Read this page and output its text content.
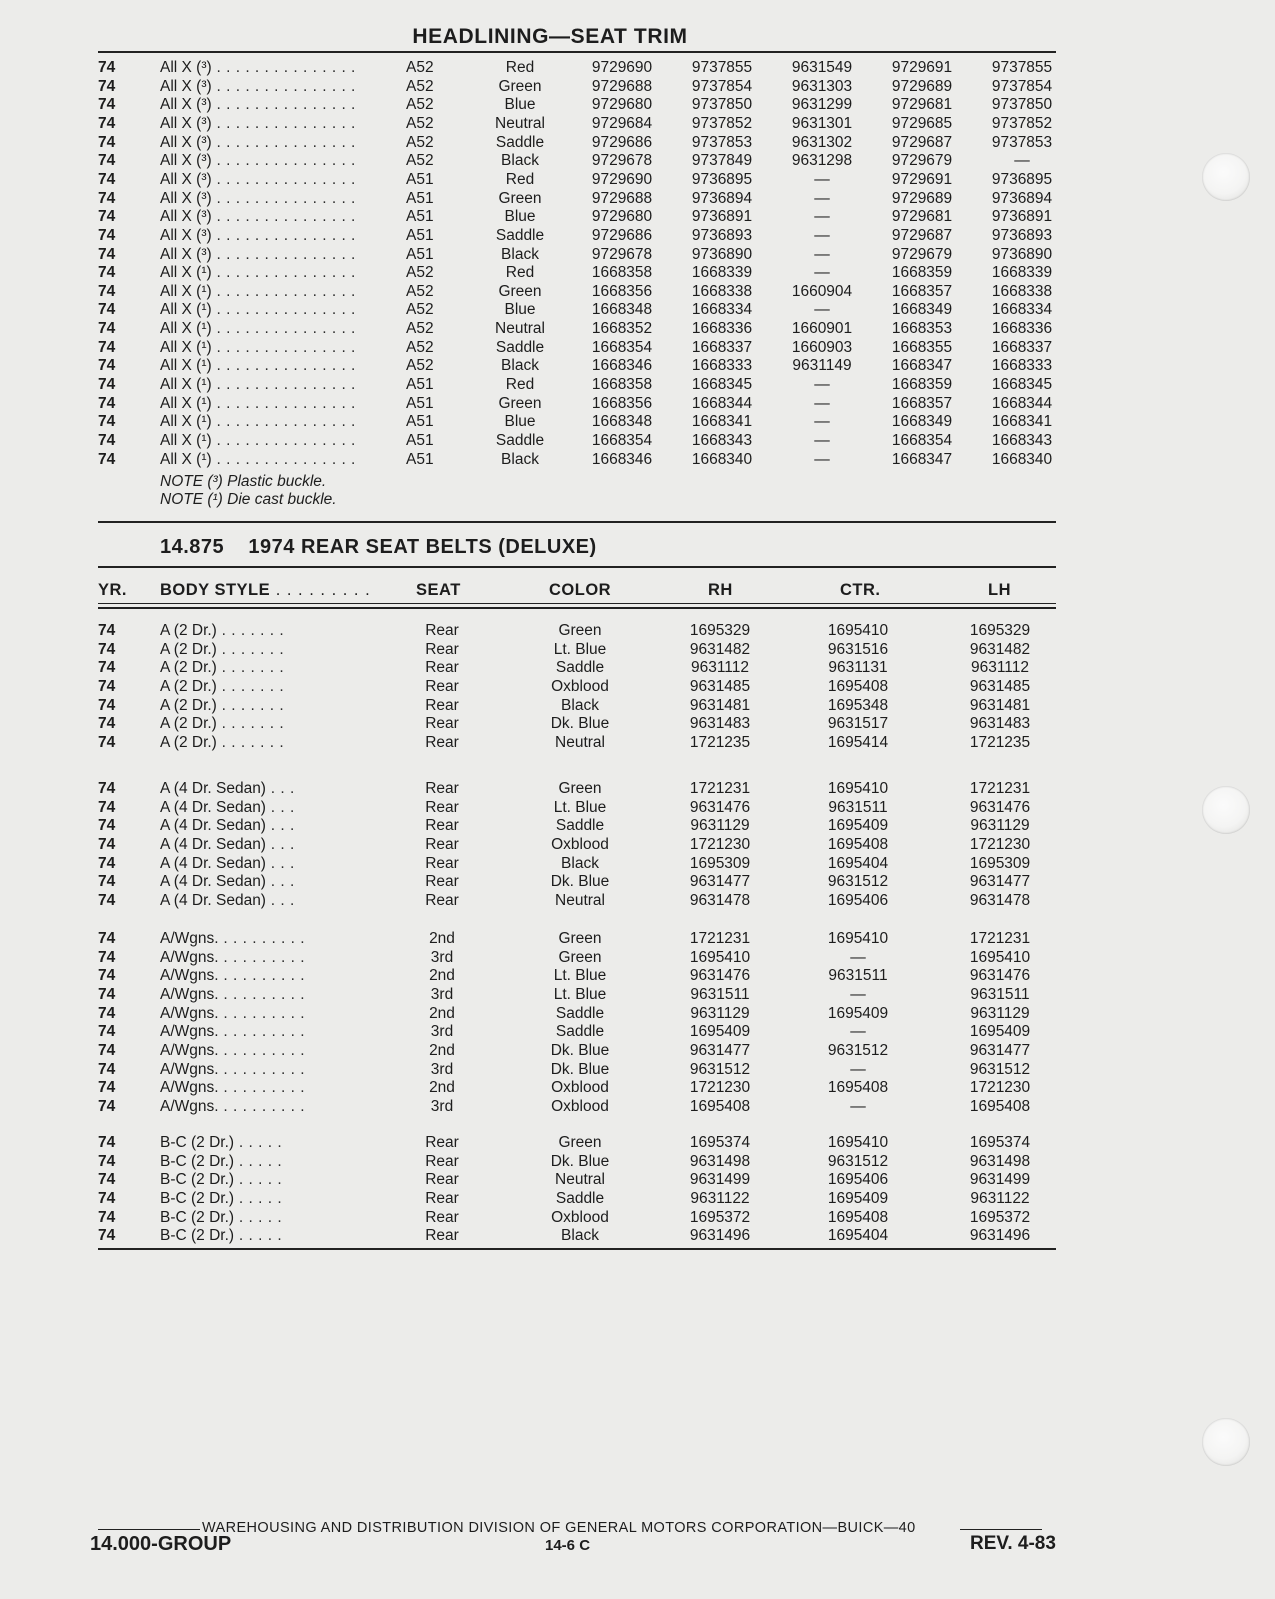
HEADLINING—SEAT TRIM
74	All X (³) . . . . . . . . . . . . . . .	A52	Red	9729690	9737855	9631549	9729691	9737855
74	All X (³) . . . . . . . . . . . . . . .	A52	Green	9729688	9737854	9631303	9729689	9737854
74	All X (³) . . . . . . . . . . . . . . .	A52	Blue	9729680	9737850	9631299	9729681	9737850
74	All X (³) . . . . . . . . . . . . . . .	A52	Neutral	9729684	9737852	9631301	9729685	9737852
74	All X (³) . . . . . . . . . . . . . . .	A52	Saddle	9729686	9737853	9631302	9729687	9737853
74	All X (³) . . . . . . . . . . . . . . .	A52	Black	9729678	9737849	9631298	9729679	—
74	All X (³) . . . . . . . . . . . . . . .	A51	Red	9729690	9736895	—	9729691	9736895
74	All X (³) . . . . . . . . . . . . . . .	A51	Green	9729688	9736894	—	9729689	9736894
74	All X (³) . . . . . . . . . . . . . . .	A51	Blue	9729680	9736891	—	9729681	9736891
74	All X (³) . . . . . . . . . . . . . . .	A51	Saddle	9729686	9736893	—	9729687	9736893
74	All X (³) . . . . . . . . . . . . . . .	A51	Black	9729678	9736890	—	9729679	9736890
74	All X (¹) . . . . . . . . . . . . . . .	A52	Red	1668358	1668339	—	1668359	1668339
74	All X (¹) . . . . . . . . . . . . . . .	A52	Green	1668356	1668338	1660904	1668357	1668338
74	All X (¹) . . . . . . . . . . . . . . .	A52	Blue	1668348	1668334	—	1668349	1668334
74	All X (¹) . . . . . . . . . . . . . . .	A52	Neutral	1668352	1668336	1660901	1668353	1668336
74	All X (¹) . . . . . . . . . . . . . . .	A52	Saddle	1668354	1668337	1660903	1668355	1668337
74	All X (¹) . . . . . . . . . . . . . . .	A52	Black	1668346	1668333	9631149	1668347	1668333
74	All X (¹) . . . . . . . . . . . . . . .	A51	Red	1668358	1668345	—	1668359	1668345
74	All X (¹) . . . . . . . . . . . . . . .	A51	Green	1668356	1668344	—	1668357	1668344
74	All X (¹) . . . . . . . . . . . . . . .	A51	Blue	1668348	1668341	—	1668349	1668341
74	All X (¹) . . . . . . . . . . . . . . .	A51	Saddle	1668354	1668343	—	1668354	1668343
74	All X (¹) . . . . . . . . . . . . . . .	A51	Black	1668346	1668340	—	1668347	1668340
NOTE (³) Plastic buckle.
NOTE (¹) Die cast buckle.
14.875 1974 REAR SEAT BELTS (DELUXE)
YR. BODY STYLE . . . . . . . . .	SEAT	COLOR	RH	CTR.	LH
74	A (2 Dr.) . . . . . . .	Rear	Green	1695329	1695410	1695329
74	A (2 Dr.) . . . . . . .	Rear	Lt. Blue	9631482	9631516	9631482
74	A (2 Dr.) . . . . . . .	Rear	Saddle	9631112	9631131	9631112
74	A (2 Dr.) . . . . . . .	Rear	Oxblood	9631485	1695408	9631485
74	A (2 Dr.) . . . . . . .	Rear	Black	9631481	1695348	9631481
74	A (2 Dr.) . . . . . . .	Rear	Dk. Blue	9631483	9631517	9631483
74	A (2 Dr.) . . . . . . .	Rear	Neutral	1721235	1695414	1721235
74	A (4 Dr. Sedan) . . .	Rear	Green	1721231	1695410	1721231
74	A (4 Dr. Sedan) . . .	Rear	Lt. Blue	9631476	9631511	9631476
74	A (4 Dr. Sedan) . . .	Rear	Saddle	9631129	1695409	9631129
74	A (4 Dr. Sedan) . . .	Rear	Oxblood	1721230	1695408	1721230
74	A (4 Dr. Sedan) . . .	Rear	Black	1695309	1695404	1695309
74	A (4 Dr. Sedan) . . .	Rear	Dk. Blue	9631477	9631512	9631477
74	A (4 Dr. Sedan) . . .	Rear	Neutral	9631478	1695406	9631478
74	A/Wgns. . . . . . . . . .	2nd	Green	1721231	1695410	1721231
74	A/Wgns. . . . . . . . . .	3rd	Green	1695410	—	1695410
74	A/Wgns. . . . . . . . . .	2nd	Lt. Blue	9631476	9631511	9631476
74	A/Wgns. . . . . . . . . .	3rd	Lt. Blue	9631511	—	9631511
74	A/Wgns. . . . . . . . . .	2nd	Saddle	9631129	1695409	9631129
74	A/Wgns. . . . . . . . . .	3rd	Saddle	1695409	—	1695409
74	A/Wgns. . . . . . . . . .	2nd	Dk. Blue	9631477	9631512	9631477
74	A/Wgns. . . . . . . . . .	3rd	Dk. Blue	9631512	—	9631512
74	A/Wgns. . . . . . . . . .	2nd	Oxblood	1721230	1695408	1721230
74	A/Wgns. . . . . . . . . .	3rd	Oxblood	1695408	—	1695408
74	B-C (2 Dr.) . . . . .	Rear	Green	1695374	1695410	1695374
74	B-C (2 Dr.) . . . . .	Rear	Dk. Blue	9631498	9631512	9631498
74	B-C (2 Dr.) . . . . .	Rear	Neutral	9631499	1695406	9631499
74	B-C (2 Dr.) . . . . .	Rear	Saddle	9631122	1695409	9631122
74	B-C (2 Dr.) . . . . .	Rear	Oxblood	1695372	1695408	1695372
74	B-C (2 Dr.) . . . . .	Rear	Black	9631496	1695404	9631496
WAREHOUSING AND DISTRIBUTION DIVISION OF GENERAL MOTORS CORPORATION—BUICK—40
14.000-GROUP	14-6 C	REV. 4-83
